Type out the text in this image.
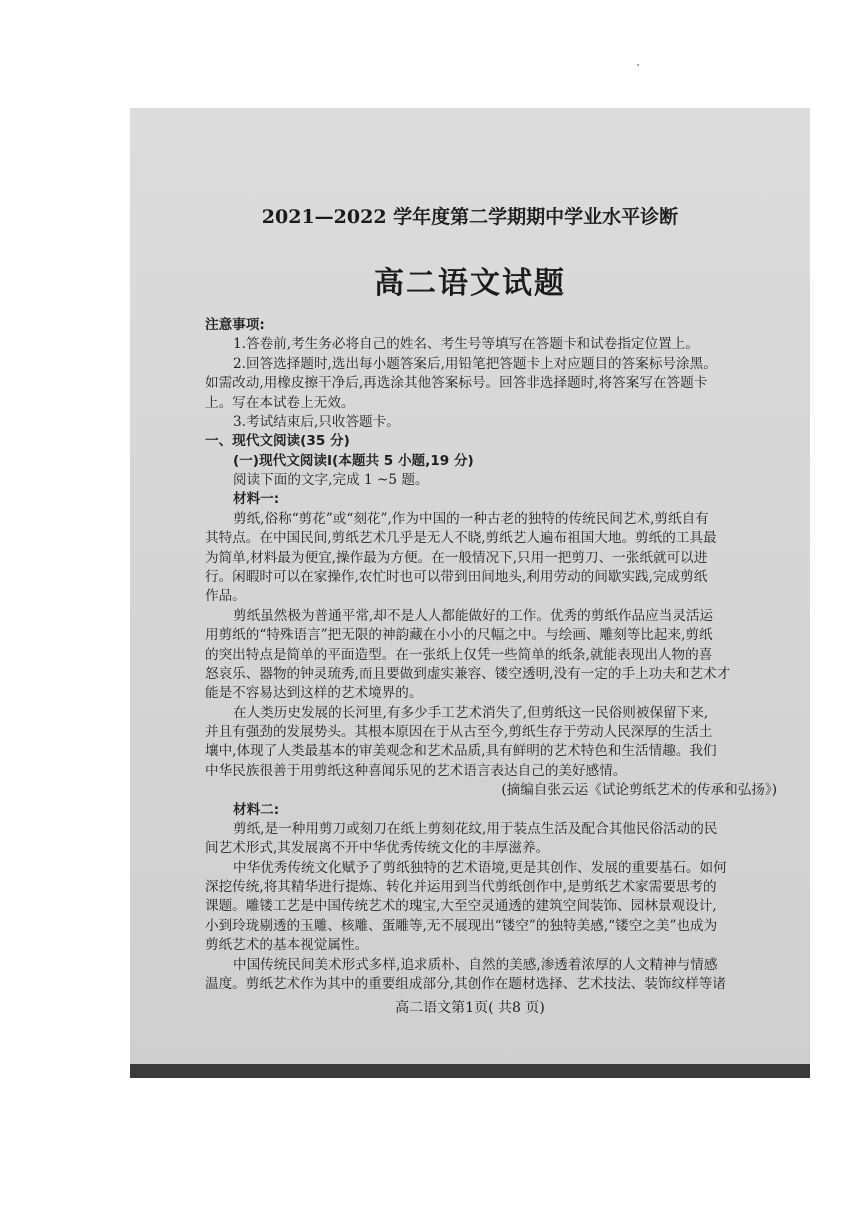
2021—2022 学年度第二学期期中学业水平诊断
高二语文试题
注意事项:
1.答卷前,考生务必将自己的姓名、考生号等填写在答题卡和试卷指定位置上。
2.回答选择题时,选出每小题答案后,用铅笔把答题卡上对应题目的答案标号涂黑。
如需改动,用橡皮擦干净后,再选涂其他答案标号。回答非选择题时,将答案写在答题卡
上。写在本试卷上无效。
3.考试结束后,只收答题卡。
一、现代文阅读(35 分)
(一)现代文阅读Ⅰ(本题共 5 小题,19 分)
阅读下面的文字,完成 1 ~5 题。
材料一:
剪纸,俗称“剪花”或“刻花”,作为中国的一种古老的独特的传统民间艺术,剪纸自有
其特点。在中国民间,剪纸艺术几乎是无人不晓,剪纸艺人遍布祖国大地。剪纸的工具最
为简单,材料最为便宜,操作最为方便。在一般情况下,只用一把剪刀、一张纸就可以进
行。闲暇时可以在家操作,农忙时也可以带到田间地头,利用劳动的间歇实践,完成剪纸
作品。
剪纸虽然极为普通平常,却不是人人都能做好的工作。优秀的剪纸作品应当灵活运
用剪纸的“特殊语言”把无限的神韵藏在小小的尺幅之中。与绘画、雕刻等比起来,剪纸
的突出特点是简单的平面造型。在一张纸上仅凭一些简单的纸条,就能表现出人物的喜
怒哀乐、器物的钟灵琉秀,而且要做到虚实兼容、镂空透明,没有一定的手上功夫和艺术才
能是不容易达到这样的艺术境界的。
在人类历史发展的长河里,有多少手工艺术消失了,但剪纸这一民俗则被保留下来,
并且有强劲的发展势头。其根本原因在于从古至今,剪纸生存于劳动人民深厚的生活土
壤中,体现了人类最基本的审美观念和艺术品质,具有鲜明的艺术特色和生活情趣。我们
中华民族很善于用剪纸这种喜闻乐见的艺术语言表达自己的美好感情。
(摘编自张云运《试论剪纸艺术的传承和弘扬》)
材料二:
剪纸,是一种用剪刀或刻刀在纸上剪刻花纹,用于装点生活及配合其他民俗活动的民
间艺术形式,其发展离不开中华优秀传统文化的丰厚滋养。
中华优秀传统文化赋予了剪纸独特的艺术语境,更是其创作、发展的重要基石。如何
深挖传统,将其精华进行提炼、转化并运用到当代剪纸创作中,是剪纸艺术家需要思考的
课题。雕镂工艺是中国传统艺术的瑰宝,大至空灵通透的建筑空间装饰、园林景观设计,
小到玲珑剔透的玉雕、核雕、蛋雕等,无不展现出“镂空”的独特美感,“镂空之美”也成为
剪纸艺术的基本视觉属性。
中国传统民间美术形式多样,追求质朴、自然的美感,渗透着浓厚的人文精神与情感
温度。剪纸艺术作为其中的重要组成部分,其创作在题材选择、艺术技法、装饰纹样等诸
高二语文第1页( 共8 页)
